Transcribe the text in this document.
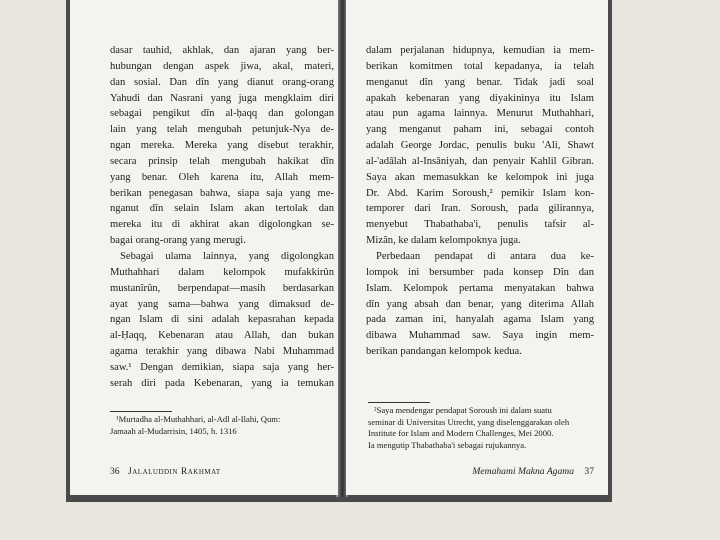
dasar tauhid, akhlak, dan ajaran yang ber-

hubungan dengan aspek jiwa, akal, materi,

dan sosial. Dan dîn yang dianut orang-orang

Yahudi dan Nasrani yang juga mengklaim diri

sebagai pengikut dîn al-ḥaqq dan golongan

lain yang telah mengubah petunjuk-Nya de-

ngan mereka. Mereka yang disebut terakhir,

secara prinsip telah mengubah hakikat dîn

yang benar. Oleh karena itu, Allah mem-

berikan penegasan bahwa, siapa saja yang me-

nganut dîn selain Islam akan tertolak dan

mereka itu di akhirat akan digolongkan se-

bagai orang-orang yang merugi.

Sebagai ulama lainnya, yang digolongkan

Muthahhari dalam kelompok mufakkirûn

mustanîrûn, berpendapat—masih berdasarkan

ayat yang sama—bahwa yang dimaksud de-

ngan Islam di sini adalah kepasrahan kepada

al-Ḥaqq, Kebenaran atau Allah, dan bukan

agama terakhir yang dibawa Nabi Muhammad

saw.¹ Dengan demikian, siapa saja yang her-

serah diri pada Kebenaran, yang ia temukan

¹Murtadha al-Muthahhari, al-Adl al-Ilahi, Qum:

Jamaah al-Mudarrisin, 1405, h. 1316

36 Jalaluddin Rakhmat

dalam perjalanan hidupnya, kemudian ia mem-

berikan komitmen total kepadanya, ia telah

menganut dîn yang benar. Tidak jadi soal

apakah kebenaran yang diyakininya itu Islam

atau pun agama lainnya. Menurut Muthahhari,

yang menganut paham ini, sebagai contoh

adalah George Jordac, penulis buku 'Ali, Shawt

al-'adâlah al-Insâniyah, dan penyair Kahlil Gibran.

Saya akan memasukkan ke kelompok ini juga

Dr. Abd. Karim Soroush,² pemikir Islam kon-

temporer dari Iran. Soroush, pada gilirannya,

menyebut Thabathaba'i, penulis tafsir al-

Mizân, ke dalam kelompoknya juga.

Perbedaan pendapat di antara dua ke-

lompok ini bersumber pada konsep Dîn dan

Islam. Kelompok pertama menyatakan bahwa

dîn yang absah dan benar, yang diterima Allah

pada zaman ini, hanyalah agama Islam yang

dibawa Muhammad saw. Saya ingin mem-

berikan pandangan kelompok kedua.

²Saya mendengar pendapat Soroush ini dalam suatu

seminar di Universitas Utrecht, yang diselenggarakan oleh

Institute for Islam and Modern Challenges, Mei 2000.

Ia mengutip Thabathaba'i sebagai rujukannya.

Memahami Makna Agama 37
